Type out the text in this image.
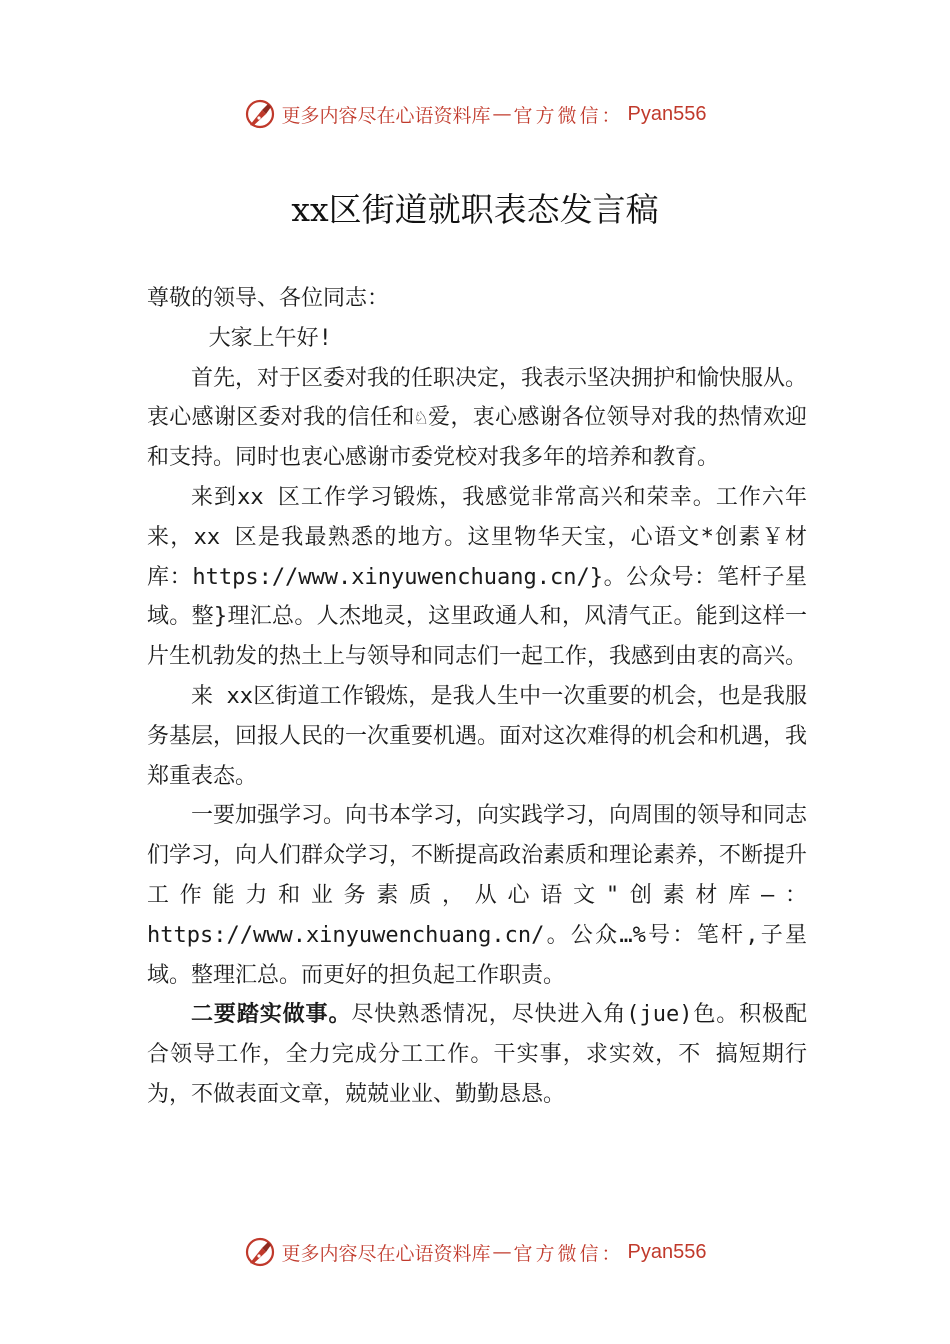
更多内容尽在心语资料库 — 官方微信： Pyan556
xx区街道就职表态发言稿

尊敬的领导、各位同志：

大家上午好!

首先，对于区委对我的任职决定，我表示坚决拥护和愉快服从。衷心感谢区委对我的信任和♘爱，衷心感谢各位领导对我的热情欢迎和支持。同时也衷心感谢市委党校对我多年的培养和教育。

来到xx 区工作学习锻炼，我感觉非常高兴和荣幸。工作六年来，xx 区是我最熟悉的地方。这里物华天宝，心语文*创素￥材库：https://www.xinyuwenchuang.cn/}。公众号：笔杆子星域。整}理汇总。人杰地灵，这里政通人和，风清气正。能到这样一片生机勃发的热土上与领导和同志们一起工作，我感到由衷的高兴。

来 xx区街道工作锻炼，是我人生中一次重要的机会，也是我服务基层，回报人民的一次重要机遇。面对这次难得的机会和机遇，我郑重表态。

一要加强学习。向书本学习，向实践学习，向周围的领导和同志们学习，向人们群众学习，不断提高政治素质和理论素养，不断提升工作能力和业务素质，从心语文"创素材库—：https://www.xinyuwenchuang.cn/。公众…%号：笔杆,子星域。整理汇总。而更好的担负起工作职责。

二要踏实做事。尽快熟悉情况，尽快进入角(jue)色。积极配合领导工作，全力完成分工工作。干实事，求实效，不 搞短期行为，不做表面文章，兢兢业业、勤勤恳恳。

更多内容尽在心语资料库 — 官方微信： Pyan556
